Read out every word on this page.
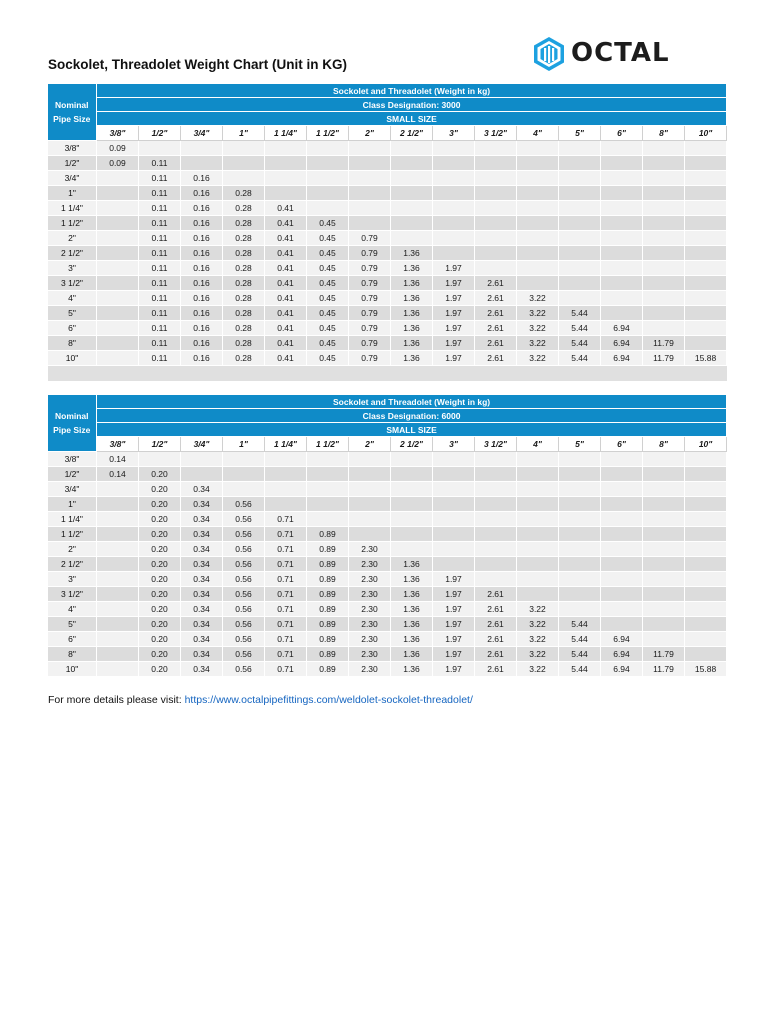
Sockolet, Threadolet Weight Chart (Unit in KG)	OCTAL
Nominal Pipe Size	Sockolet and Threadolet (Weight in kg)														
	Class Designation: 3000														
	SMALL SIZE														
	3/8"	1/2"	3/4"	1"	1 1/4"	1 1/2"	2"	2 1/2"	3"	3 1/2"	4"	5"	6"	8"	10"
3/8"	0.09														
1/2"	0.09	0.11													
3/4"		0.11	0.16												
1"		0.11	0.16	0.28											
1 1/4"		0.11	0.16	0.28	0.41										
1 1/2"		0.11	0.16	0.28	0.41	0.45									
2"		0.11	0.16	0.28	0.41	0.45	0.79								
2 1/2"		0.11	0.16	0.28	0.41	0.45	0.79	1.36							
3"		0.11	0.16	0.28	0.41	0.45	0.79	1.36	1.97						
3 1/2"		0.11	0.16	0.28	0.41	0.45	0.79	1.36	1.97	2.61					
4"		0.11	0.16	0.28	0.41	0.45	0.79	1.36	1.97	2.61	3.22				
5"		0.11	0.16	0.28	0.41	0.45	0.79	1.36	1.97	2.61	3.22	5.44			
6"		0.11	0.16	0.28	0.41	0.45	0.79	1.36	1.97	2.61	3.22	5.44	6.94		
8"		0.11	0.16	0.28	0.41	0.45	0.79	1.36	1.97	2.61	3.22	5.44	6.94	11.79	
10"		0.11	0.16	0.28	0.41	0.45	0.79	1.36	1.97	2.61	3.22	5.44	6.94	11.79	15.88

Nominal Pipe Size	Sockolet and Threadolet (Weight in kg)														
	Class Designation: 6000														
	SMALL SIZE														
	3/8"	1/2"	3/4"	1"	1 1/4"	1 1/2"	2"	2 1/2"	3"	3 1/2"	4"	5"	6"	8"	10"
3/8"	0.14														
1/2"	0.14	0.20													
3/4"		0.20	0.34												
1"		0.20	0.34	0.56											
1 1/4"		0.20	0.34	0.56	0.71										
1 1/2"		0.20	0.34	0.56	0.71	0.89									
2"		0.20	0.34	0.56	0.71	0.89	2.30								
2 1/2"		0.20	0.34	0.56	0.71	0.89	2.30	1.36							
3"		0.20	0.34	0.56	0.71	0.89	2.30	1.36	1.97						
3 1/2"		0.20	0.34	0.56	0.71	0.89	2.30	1.36	1.97	2.61					
4"		0.20	0.34	0.56	0.71	0.89	2.30	1.36	1.97	2.61	3.22				
5"		0.20	0.34	0.56	0.71	0.89	2.30	1.36	1.97	2.61	3.22	5.44			
6"		0.20	0.34	0.56	0.71	0.89	2.30	1.36	1.97	2.61	3.22	5.44	6.94		
8"		0.20	0.34	0.56	0.71	0.89	2.30	1.36	1.97	2.61	3.22	5.44	6.94	11.79	
10"		0.20	0.34	0.56	0.71	0.89	2.30	1.36	1.97	2.61	3.22	5.44	6.94	11.79	15.88
For more details please visit: https://www.octalpipefittings.com/weldolet-sockolet-threadolet/
